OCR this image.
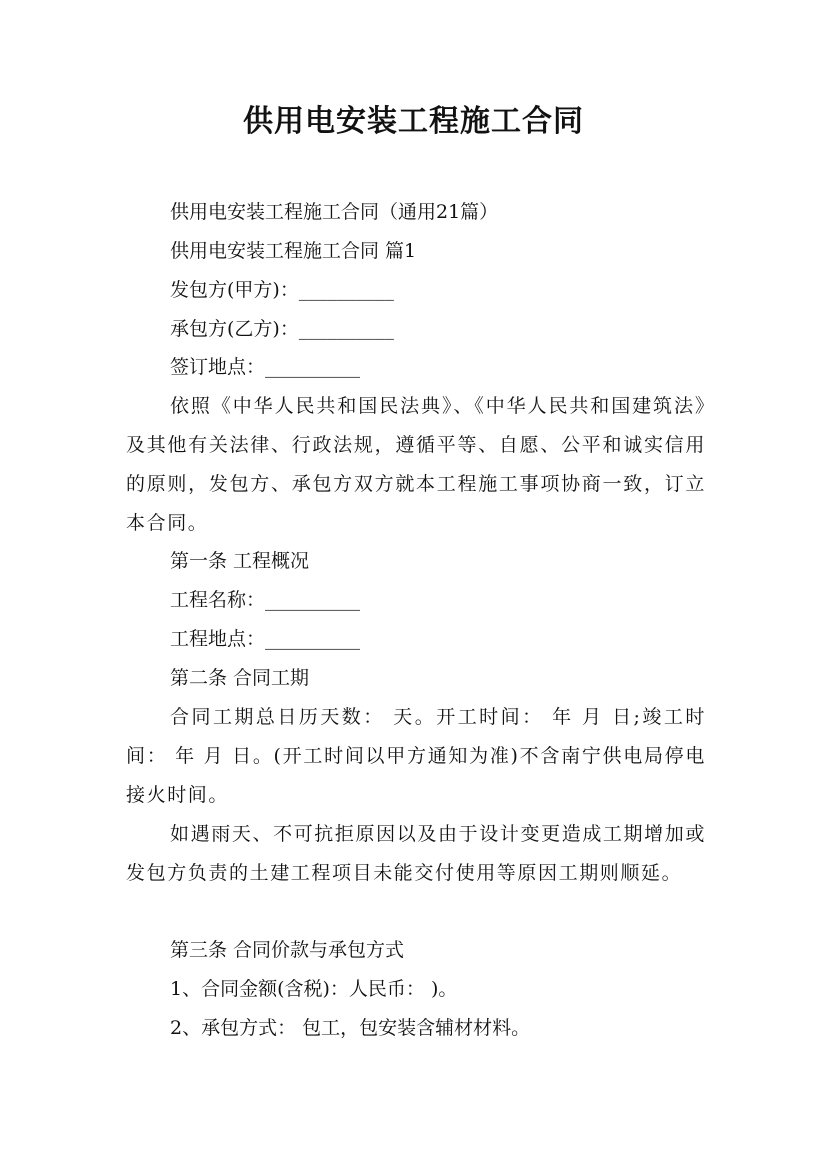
供用电安装工程施工合同

供用电安装工程施工合同（通用21篇）

供用电安装工程施工合同 篇1

发包方(甲方)：__________

承包方(乙方)：__________

签订地点：__________

依照《中华人民共和国民法典》、《中华人民共和国建筑法》及其他有关法律、行政法规，遵循平等、自愿、公平和诚实信用的原则，发包方、承包方双方就本工程施工事项协商一致，订立本合同。

第一条 工程概况

工程名称：__________

工程地点：__________

第二条 合同工期

合同工期总日历天数： 天。开工时间： 年 月 日;竣工时间： 年 月 日。(开工时间以甲方通知为准)不含南宁供电局停电接火时间。

如遇雨天、不可抗拒原因以及由于设计变更造成工期增加或发包方负责的土建工程项目未能交付使用等原因工期则顺延。

第三条 合同价款与承包方式

1、合同金额(含税)：人民币： )。

2、承包方式： 包工，包安装含辅材材料。
